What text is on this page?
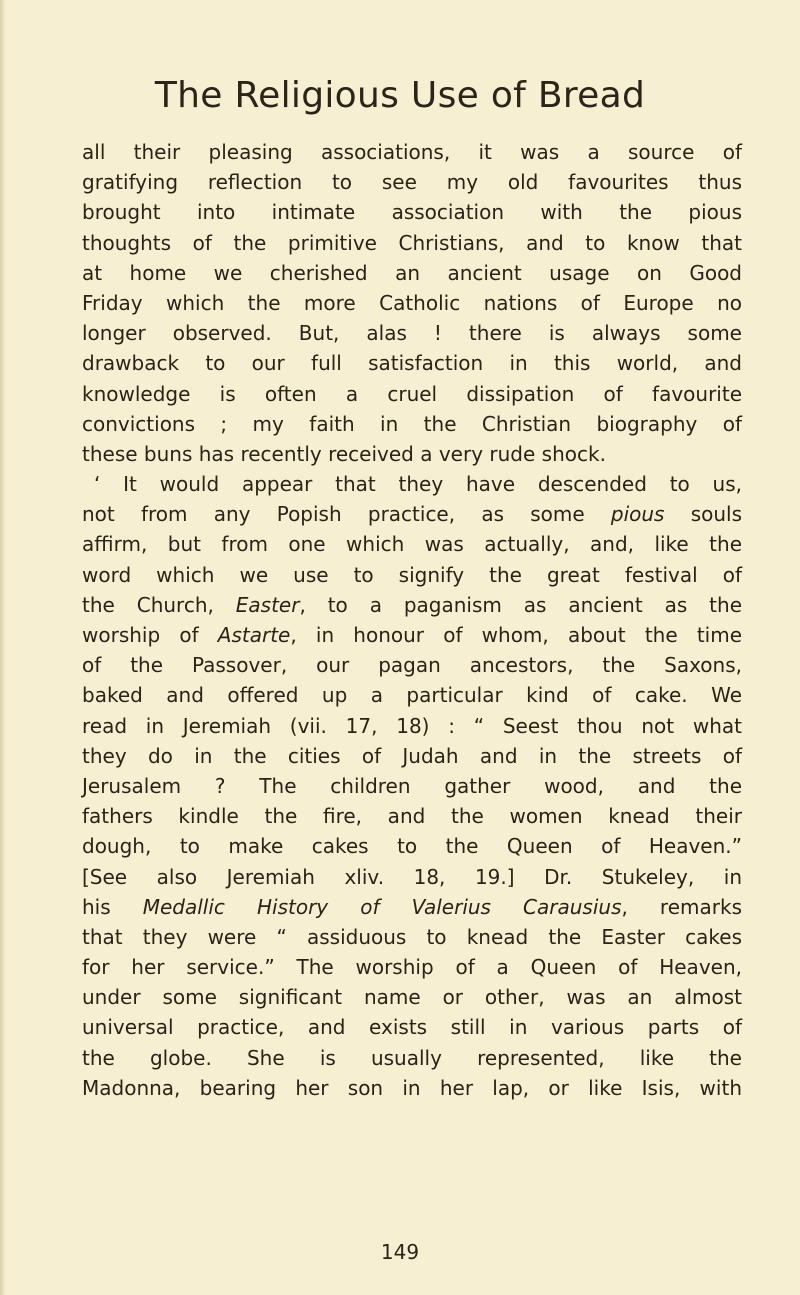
The Religious Use of Bread
all their pleasing associations, it was a source of
gratifying reflection to see my old favourites thus
brought into intimate association with the pious
thoughts of the primitive Christians, and to know that
at home we cherished an ancient usage on Good
Friday which the more Catholic nations of Europe no
longer observed. But, alas ! there is always some
drawback to our full satisfaction in this world, and
knowledge is often a cruel dissipation of favourite
convictions ; my faith in the Christian biography of
these buns has recently received a very rude shock.
‘ It would appear that they have descended to us,
not from any Popish practice, as some pious souls
affirm, but from one which was actually, and, like the
word which we use to signify the great festival of
the Church, Easter, to a paganism as ancient as the
worship of Astarte, in honour of whom, about the time
of the Passover, our pagan ancestors, the Saxons,
baked and offered up a particular kind of cake. We
read in Jeremiah (vii. 17, 18) : “ Seest thou not what
they do in the cities of Judah and in the streets of
Jerusalem ? The children gather wood, and the
fathers kindle the fire, and the women knead their
dough, to make cakes to the Queen of Heaven.”
[See also Jeremiah xliv. 18, 19.] Dr. Stukeley, in
his Medallic History of Valerius Carausius, remarks
that they were “ assiduous to knead the Easter cakes
for her service.” The worship of a Queen of Heaven,
under some significant name or other, was an almost
universal practice, and exists still in various parts of
the globe. She is usually represented, like the
Madonna, bearing her son in her lap, or like Isis, with
149
